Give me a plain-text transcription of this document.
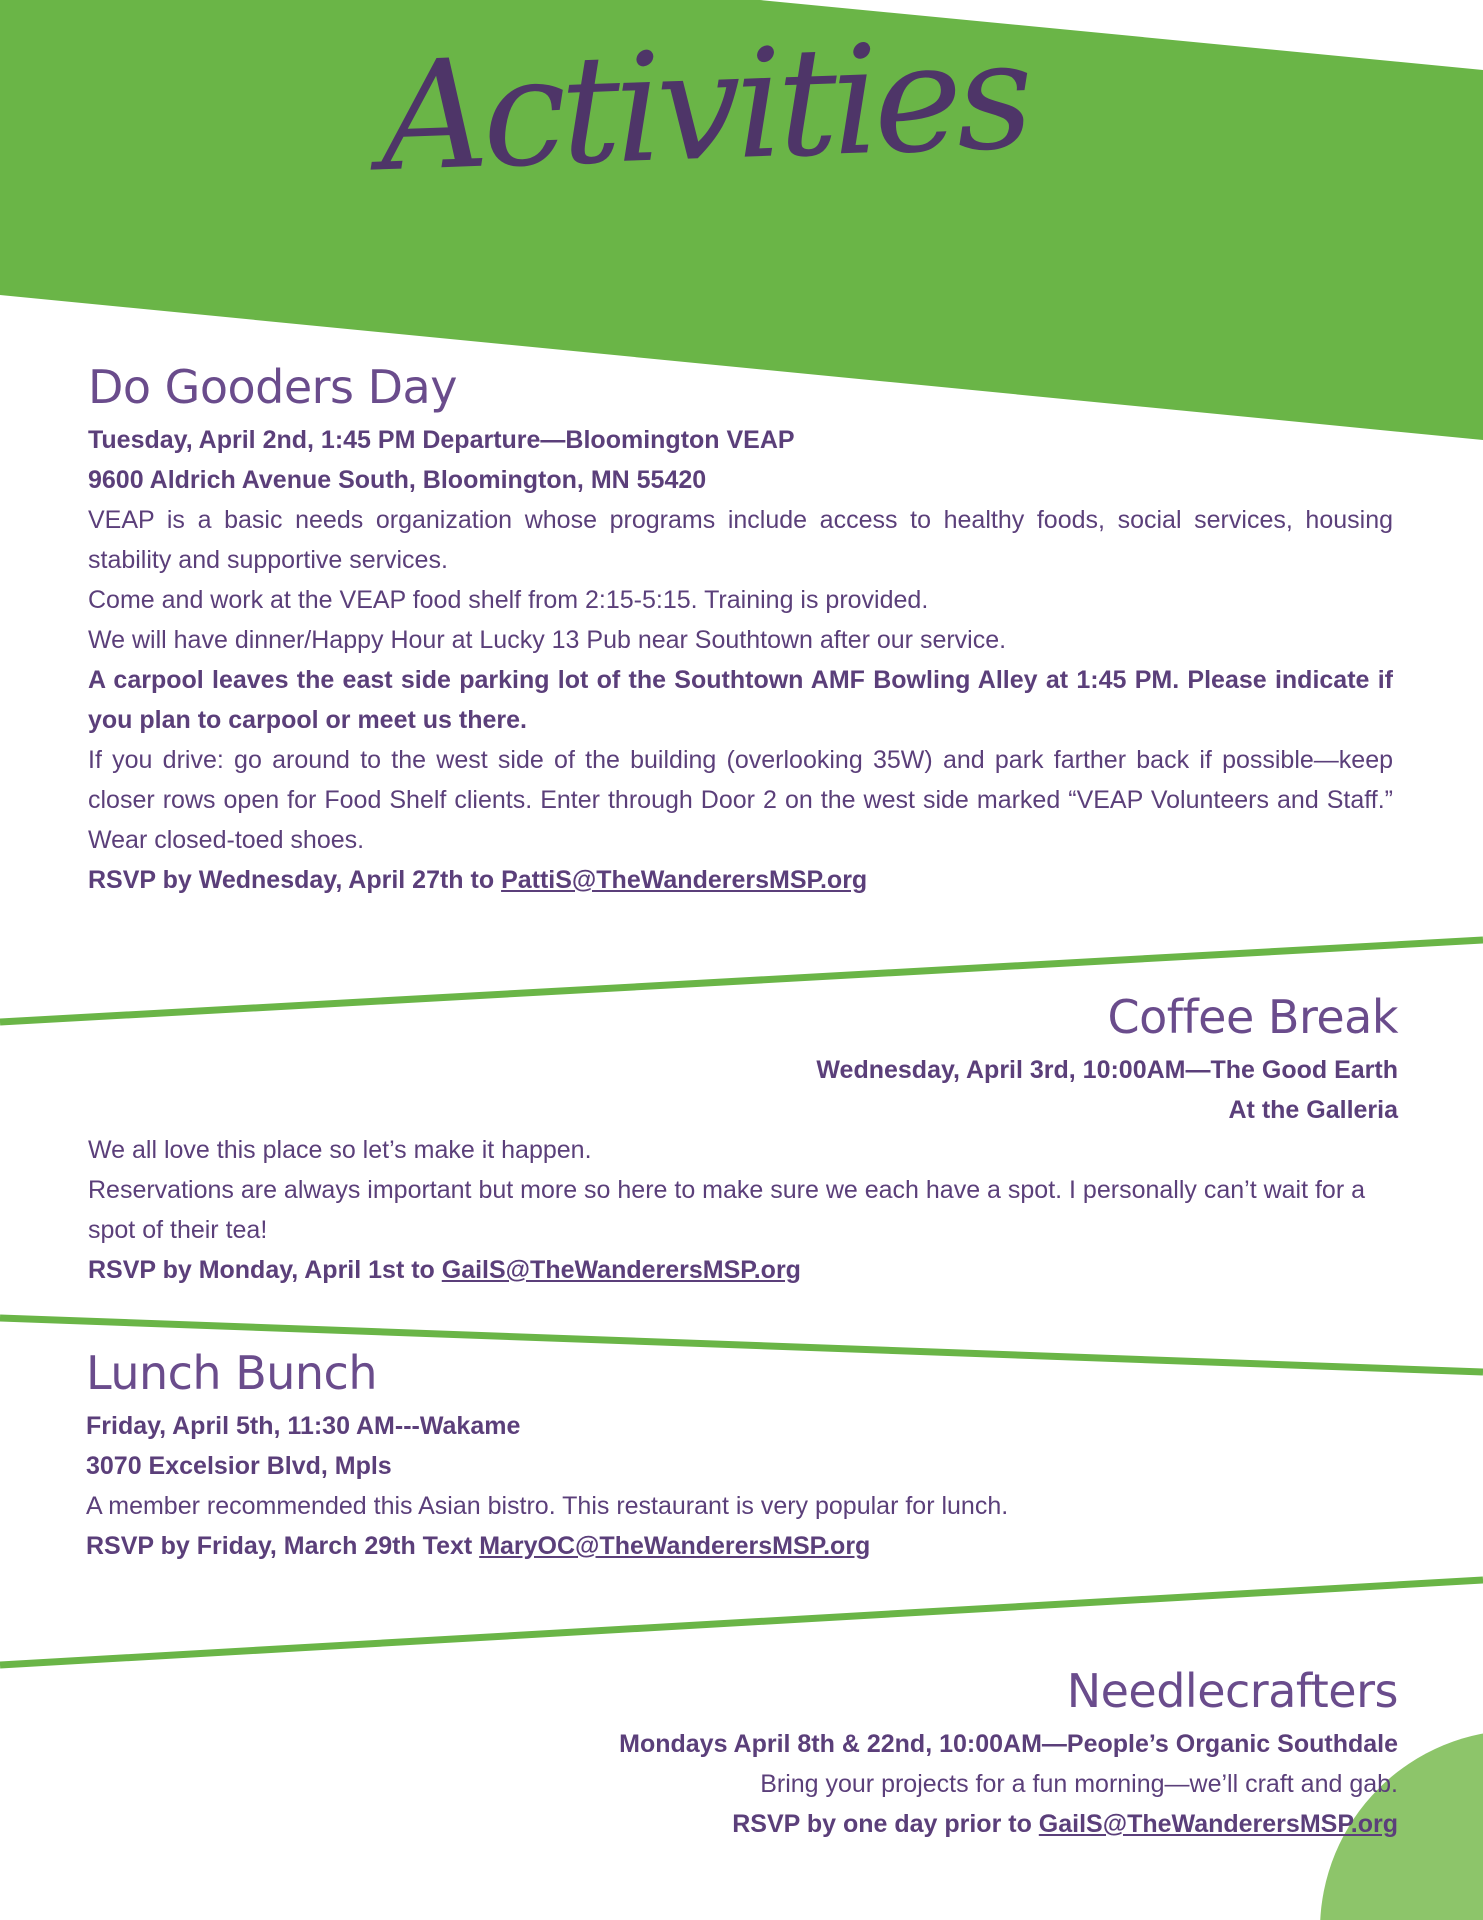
Activities
Do Gooders Day

Tuesday, April 2nd, 1:45 PM Departure—Bloomington VEAP

9600 Aldrich Avenue South, Bloomington, MN 55420

VEAP is a basic needs organization whose programs include access to healthy foods, social services, housing stability and supportive services.

Come and work at the VEAP food shelf from 2:15-5:15. Training is provided.

We will have dinner/Happy Hour at Lucky 13 Pub near Southtown after our service.

A carpool leaves the east side parking lot of the Southtown AMF Bowling Alley at 1:45 PM. Please indicate if you plan to carpool or meet us there.

If you drive: go around to the west side of the building (overlooking 35W) and park farther back if possible—keep closer rows open for Food Shelf clients. Enter through Door 2 on the west side marked “VEAP Volunteers and Staff.” Wear closed-toed shoes.

RSVP by Wednesday, April 27th to PattiS@TheWanderersMSP.org

Coffee Break

Wednesday, April 3rd, 10:00AM—The Good Earth

At the Galleria

We all love this place so let’s make it happen.

Reservations are always important but more so here to make sure we each have a spot. I personally can’t wait for a spot of their tea!

RSVP by Monday, April 1st to GailS@TheWanderersMSP.org

Lunch Bunch

Friday, April 5th, 11:30 AM---Wakame

3070 Excelsior Blvd, Mpls

A member recommended this Asian bistro. This restaurant is very popular for lunch.

RSVP by Friday, March 29th Text MaryOC@TheWanderersMSP.org

Needlecrafters

Mondays April 8th & 22nd, 10:00AM—People’s Organic Southdale

Bring your projects for a fun morning—we’ll craft and gab.

RSVP by one day prior to GailS@TheWanderersMSP.org
